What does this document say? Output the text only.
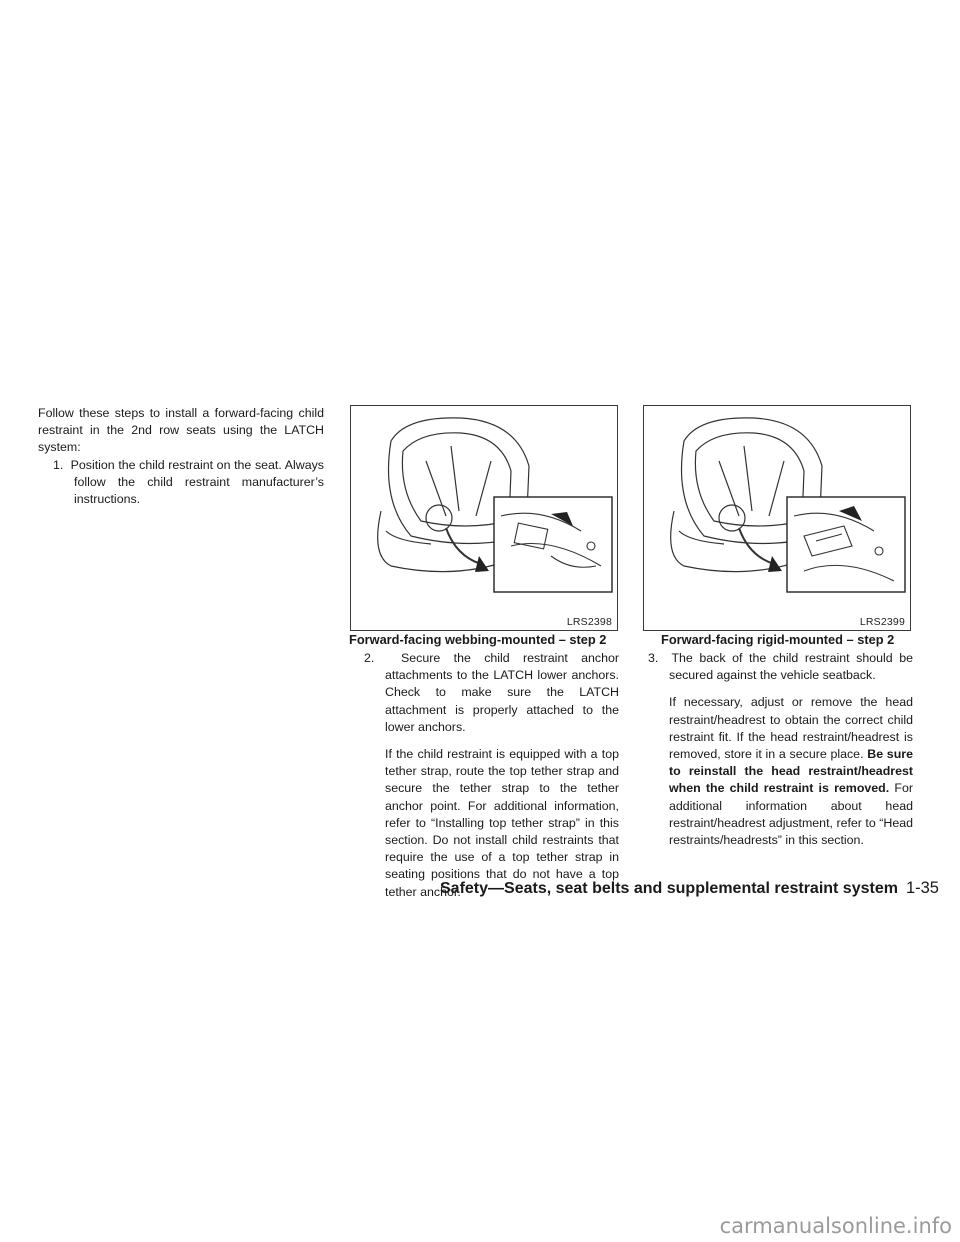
Follow these steps to install a forward-facing child restraint in the 2nd row seats using the LATCH system:

1. Position the child restraint on the seat. Always follow the child restraint manufacturer’s instructions.

LRS2398	LRS2399
Forward-facing webbing-mounted – step 2	Forward-facing rigid-mounted – step 2

2. Secure the child restraint anchor attachments to the LATCH lower anchors. Check to make sure the LATCH attachment is properly attached to the lower anchors.

If the child restraint is equipped with a top tether strap, route the top tether strap and secure the tether strap to the tether anchor point. For additional information, refer to “Installing top tether strap” in this section. Do not install child restraints that require the use of a top tether strap in seating positions that do not have a top tether anchor.

3. The back of the child restraint should be secured against the vehicle seatback.

If necessary, adjust or remove the head restraint/headrest to obtain the correct child restraint fit. If the head restraint/headrest is removed, store it in a secure place. Be sure to reinstall the head restraint/headrest when the child restraint is removed. For additional information about head restraint/headrest adjustment, refer to “Head restraints/headrests” in this section.

Safety—Seats, seat belts and supplemental restraint system 1-35
carmanualsonline.info
